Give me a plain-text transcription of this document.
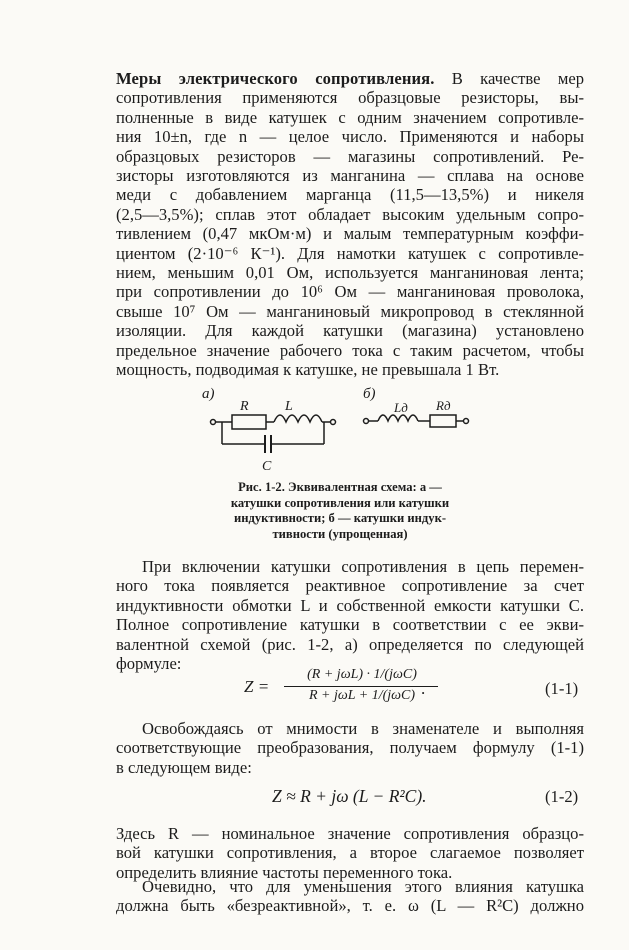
Меры электрического сопротивления. В качестве мер
сопротивления применяются образцовые резисторы, вы-
полненные в виде катушек с одним значением сопротивле-
ния 10±n, где n — целое число. Применяются и наборы
образцовых резисторов — магазины сопротивлений. Ре-
зисторы изготовляются из манганина — сплава на основе
меди с добавлением марганца (11,5—13,5%) и никеля
(2,5—3,5%); сплав этот обладает высоким удельным сопро-
тивлением (0,47 мкОм·м) и малым температурным коэффи-
циентом (2·10⁻⁶ К⁻¹). Для намотки катушек с сопротивле-
нием, меньшим 0,01 Ом, используется манганиновая лента;
при сопротивлении до 10⁶ Ом — манганиновая проволока,
свыше 10⁷ Ом — манганиновый микропровод в стеклянной
изоляции. Для каждой катушки (магазина) установлено
предельное значение рабочего тока с таким расчетом, чтобы
мощность, подводимая к катушке, не превышала 1 Вт.
а)
R	L
C
б)
Lд Rд
Рис. 1-2. Эквивалентная схема: а —
катушки сопротивления или катушки
индуктивности; б — катушки индук-
тивности (упрощенная)
При включении катушки сопротивления в цепь перемен-
ного тока появляется реактивное сопротивление за счет
индуктивности обмотки L и собственной емкости катушки C.
Полное сопротивление катушки в соответствии с ее экви-
валентной схемой (рис. 1-2, а) определяется по следующей
формуле:
Z =
(R + jωL) · 1/(jωC)
R + jωL + 1/(jωC) .	(1-1)
Освобождаясь от мнимости в знаменателе и выполняя
соответствующие преобразования, получаем формулу (1-1)
в следующем виде:
Z ≈ R + jω (L − R²C).	(1-2)
Здесь R — номинальное значение сопротивления образцо-
вой катушки сопротивления, а второе слагаемое позволяет
определить влияние частоты переменного тока.
Очевидно, что для уменьшения этого влияния катушка
должна быть «безреактивной», т. е. ω (L — R²C) должно
